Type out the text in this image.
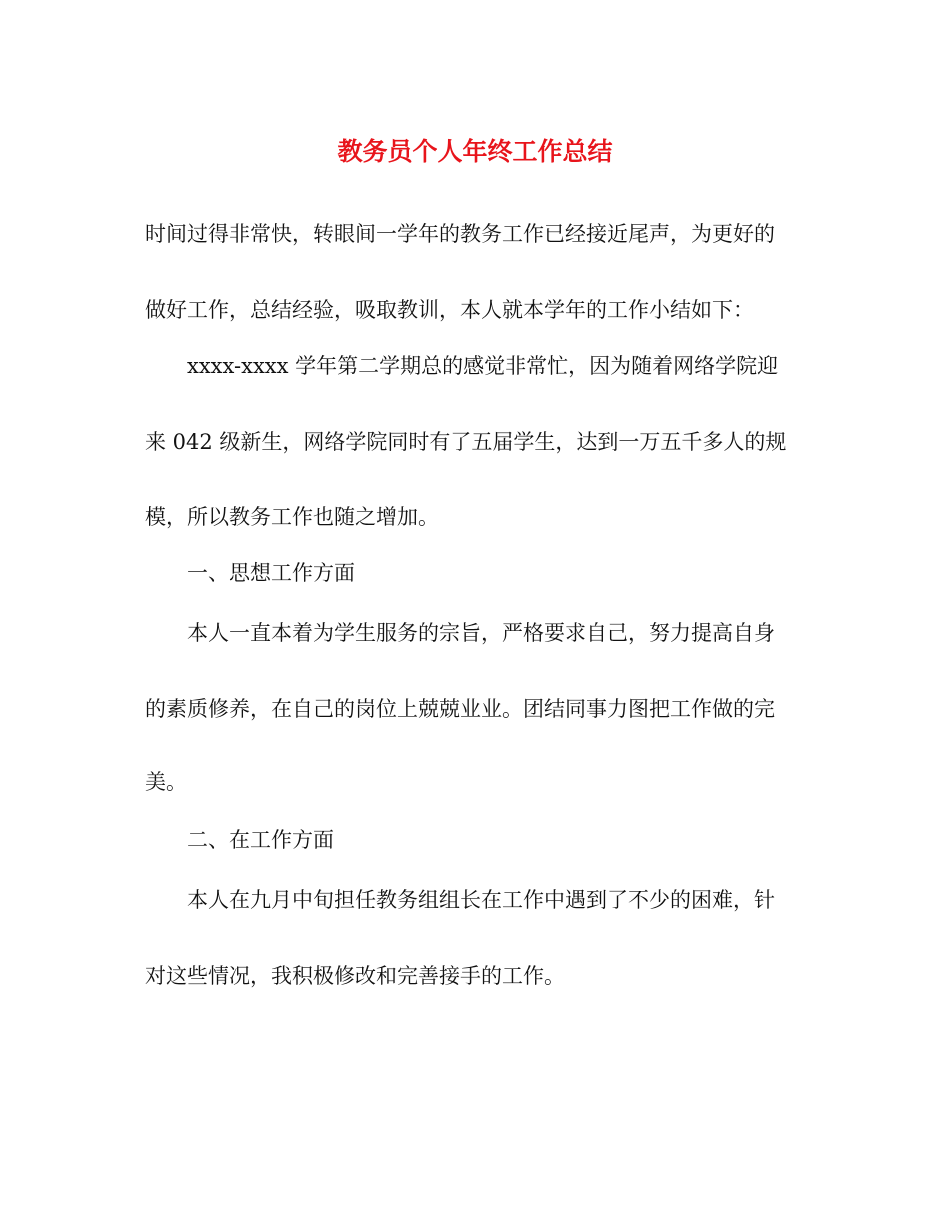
教务员个人年终工作总结

时间过得非常快，转眼间一学年的教务工作已经接近尾声，为更好的

做好工作，总结经验，吸取教训，本人就本学年的工作小结如下：

xxxx-xxxx 学年第二学期总的感觉非常忙，因为随着网络学院迎

来 042 级新生，网络学院同时有了五届学生，达到一万五千多人的规

模，所以教务工作也随之增加。

一、思想工作方面

本人一直本着为学生服务的宗旨，严格要求自己，努力提高自身

的素质修养，在自己的岗位上兢兢业业。团结同事力图把工作做的完

美。

二、在工作方面

本人在九月中旬担任教务组组长在工作中遇到了不少的困难，针

对这些情况，我积极修改和完善接手的工作。
